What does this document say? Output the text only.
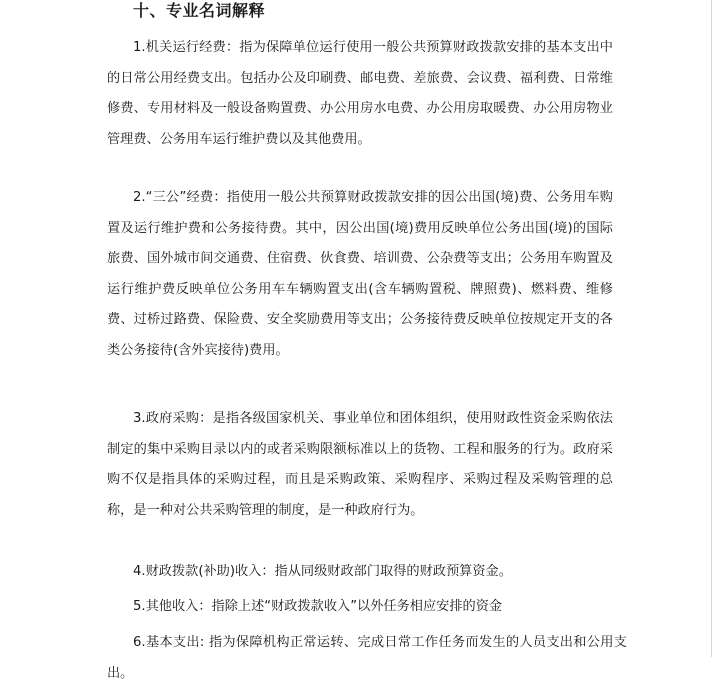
十、专业名词解释

1.机关运行经费：指为保障单位运行使用一般公共预算财政拨款安排的基本支出中的日常公用经费支出。包括办公及印刷费、邮电费、差旅费、会议费、福利费、日常维修费、专用材料及一般设备购置费、办公用房水电费、办公用房取暖费、办公用房物业管理费、公务用车运行维护费以及其他费用。

2.“三公”经费：指使用一般公共预算财政拨款安排的因公出国(境)费、公务用车购置及运行维护费和公务接待费。其中，因公出国(境)费用反映单位公务出国(境)的国际旅费、国外城市间交通费、住宿费、伙食费、培训费、公杂费等支出；公务用车购置及运行维护费反映单位公务用车车辆购置支出(含车辆购置税、牌照费)、燃料费、维修费、过桥过路费、保险费、安全奖励费用等支出；公务接待费反映单位按规定开支的各类公务接待(含外宾接待)费用。

3.政府采购：是指各级国家机关、事业单位和团体组织，使用财政性资金采购依法制定的集中采购目录以内的或者采购限额标准以上的货物、工程和服务的行为。政府采购不仅是指具体的采购过程，而且是采购政策、采购程序、采购过程及采购管理的总称，是一种对公共采购管理的制度，是一种政府行为。

4.财政拨款(补助)收入：指从同级财政部门取得的财政预算资金。

5.其他收入：指除上述“财政拨款收入”以外任务相应安排的资金

6.基本支出: 指为保障机构正常运转、完成日常工作任务而发生的人员支出和公用支出。
